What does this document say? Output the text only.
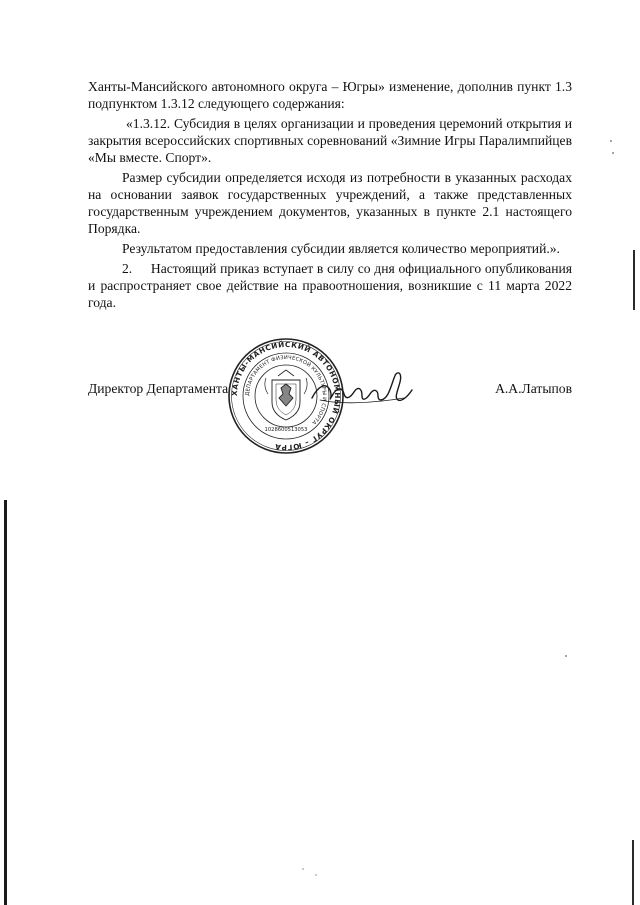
Ханты-Мансийского автономного округа – Югры» изменение, дополнив пункт 1.3 подпунктом 1.3.12 следующего содержания:

«1.3.12. Субсидия в целях организации и проведения церемоний открытия и закрытия всероссийских спортивных соревнований «Зимние Игры Паралимпийцев «Мы вместе. Спорт».

Размер субсидии определяется исходя из потребности в указанных расходах на основании заявок государственных учреждений, а также представленных государственным учреждением документов, указанных в пункте 2.1 настоящего Порядка.

Результатом предоставления субсидии является количество мероприятий.».

2.     Настоящий приказ вступает в силу со дня официального опубликования и распространяет свое действие на правоотношения, возникшие с 11 марта 2022 года.

ХАНТЫ-МАНСИЙСКИЙ АВТОНОМНЫЙ ОКРУГ – ЮГРА
ДЕПАРТАМЕНТ ФИЗИЧЕСКОЙ КУЛЬТУРЫ И СПОРТА
1028600513053
Директор Департамента	А.А.Латыпов
